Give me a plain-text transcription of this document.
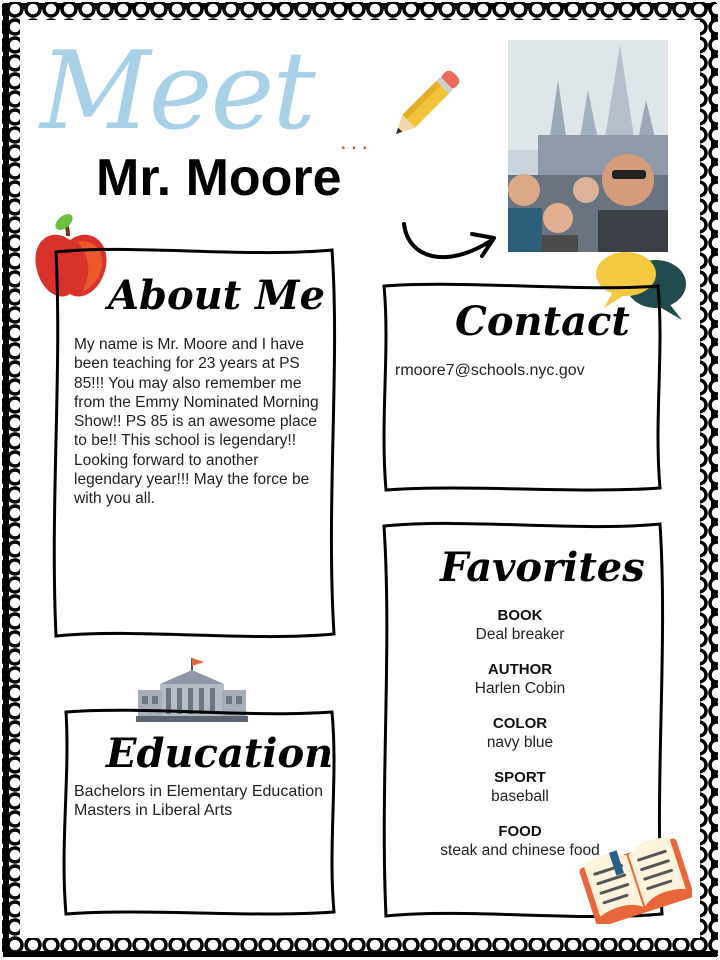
Meet ...
Mr. Moore
About Me
My name is Mr. Moore and I have been teaching for 23 years at PS 85!!! You may also remember me from the Emmy Nominated Morning Show!! PS 85 is an awesome place to be!! This school is legendary!! Looking forward to another legendary year!!! May the force be with you all.
Contact
rmoore7@schools.nyc.gov
Favorites
BOOK
Deal breaker
AUTHOR
Harlen Cobin
COLOR
navy blue
SPORT
baseball
FOOD
steak and chinese food
Education
Bachelors in Elementary Education
Masters in Liberal Arts
